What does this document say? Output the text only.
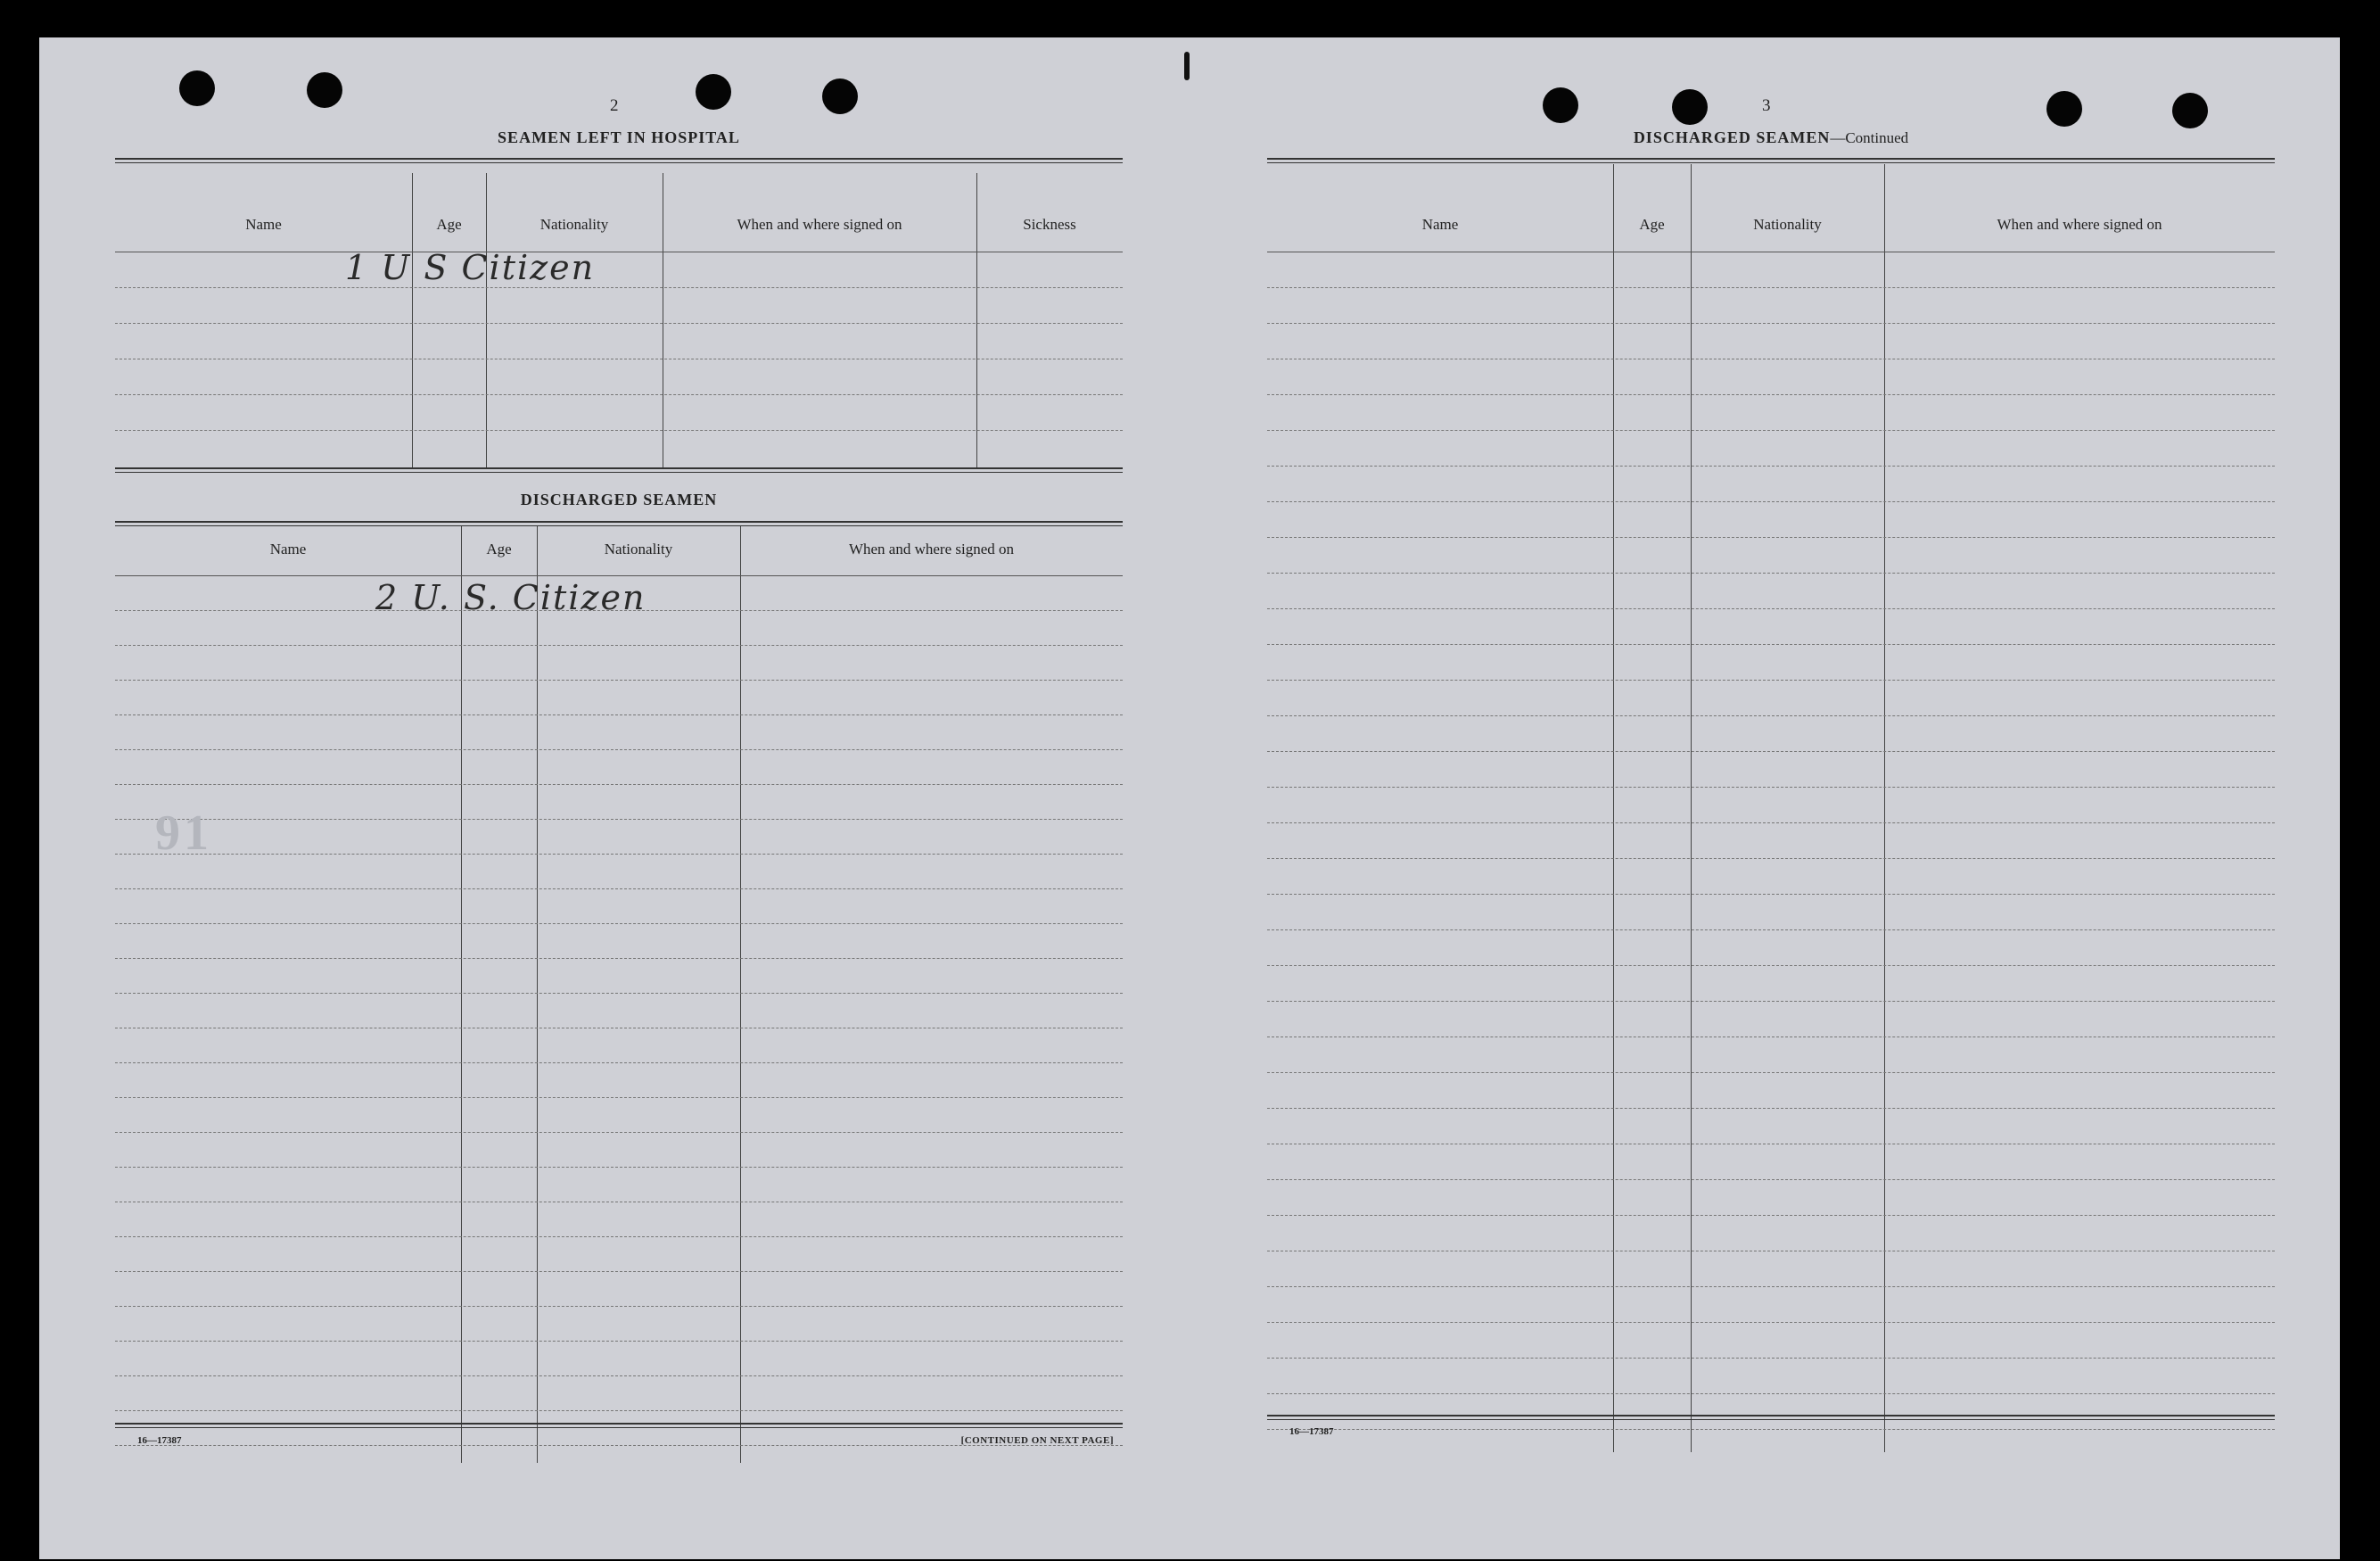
2
SEAMEN LEFT IN HOSPITAL
Name	Age	Nationality	When and where signed on	Sickness
1 U S Citizen
DISCHARGED SEAMEN
Name	Age	Nationality	When and where signed on
2 U. S. Citizen
91
16—17387	[CONTINUED ON NEXT PAGE]
3
DISCHARGED SEAMEN—Continued
Name	Age	Nationality	When and where signed on
16—17387
